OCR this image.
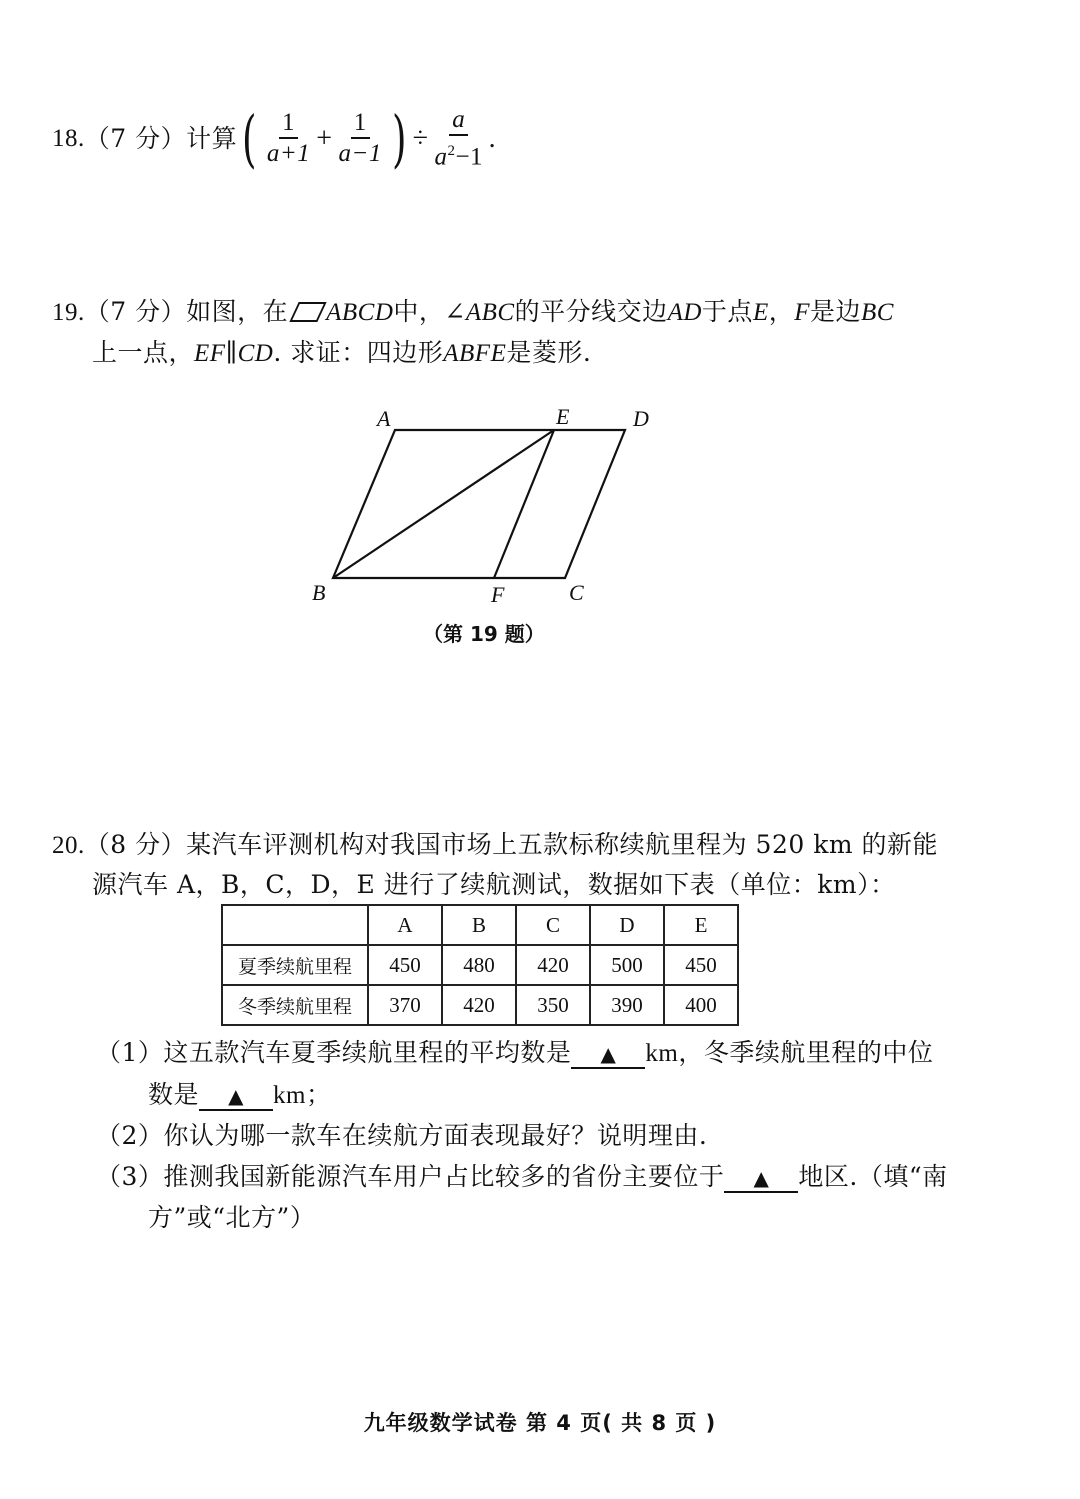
18. （7 分） 计算 ( $\frac{1}{a+1} + \frac{1}{a-1}$ ) ÷ $\frac{a}{a^2-1}$ .
19.（7 分）如图，在 ABCD中，∠ABC的平分线交边AD于点E，F是边BC
上一点，EF∥CD. 求证：四边形ABFE是菱形.
A	E	D
B	F	C
（第 19 题）
20.（8 分）某汽车评测机构对我国市场上五款标称续航里程为 520 km 的新能
源汽车 A，B，C，D，E 进行了续航测试，数据如下表（单位：km）：
	A	B	C	D	E
夏季续航里程	450	480	420	500	450
冬季续航里程	370	420	350	390	400
（1）这五款汽车夏季续航里程的平均数是 ▲ km，冬季续航里程的中位
数是 ▲ km；
（2）你认为哪一款车在续航方面表现最好？说明理由.
（3）推测我国新能源汽车用户占比较多的省份主要位于 ▲ 地区.（填“南
方”或“北方”）
九年级数学试卷 第 4 页( 共 8 页 )
